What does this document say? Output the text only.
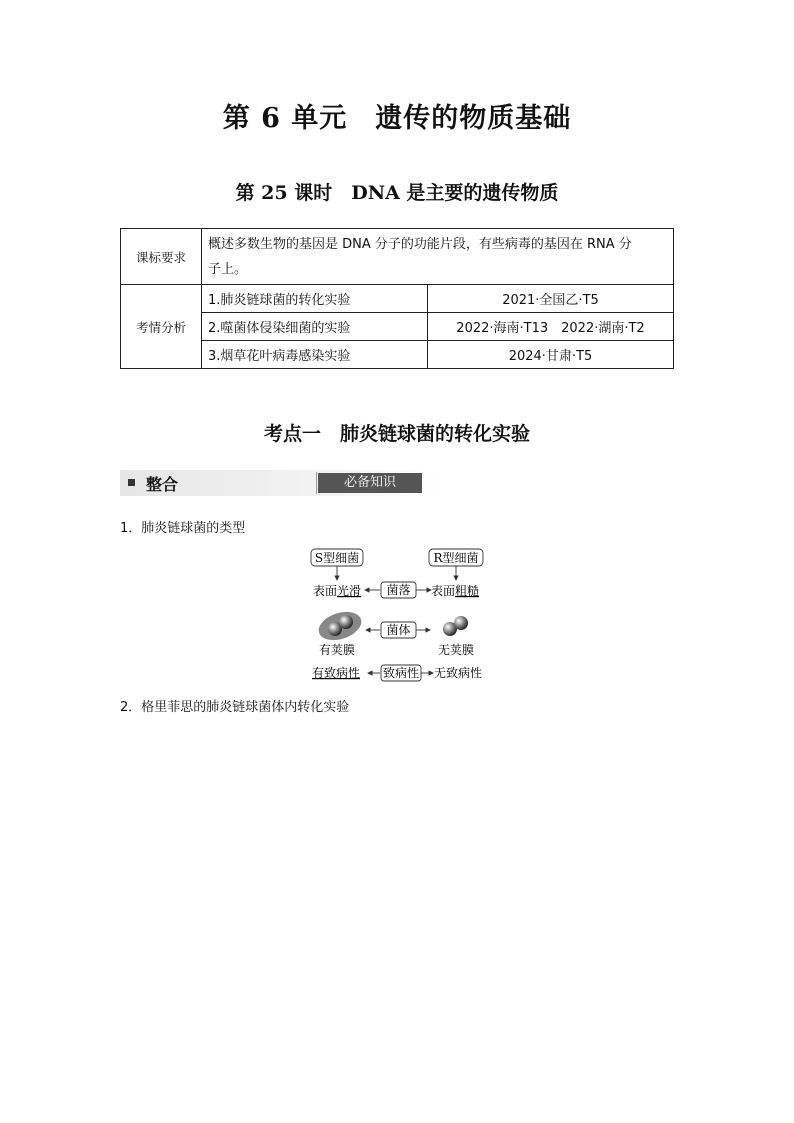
第 6 单元　遗传的物质基础
第 25 课时　DNA 是主要的遗传物质
课标要求	概述多数生物的基因是 DNA 分子的功能片段，有些病毒的基因在 RNA 分
子上。	

考情分析	1.肺炎链球菌的转化实验	2021·全国乙·T5
	2.噬菌体侵染细菌的实验	2022·海南·T13　2022·湖南·T2
	3.烟草花叶病毒感染实验	2024·甘肃·T5
考点一　肺炎链球菌的转化实验
整合	必备知识
1．肺炎链球菌的类型
S型细菌	R型细菌
表面光滑	表面粗糙
菌落
菌体
有荚膜	无荚膜
有致病性	无致病性
致病性
2．格里菲思的肺炎链球菌体内转化实验
